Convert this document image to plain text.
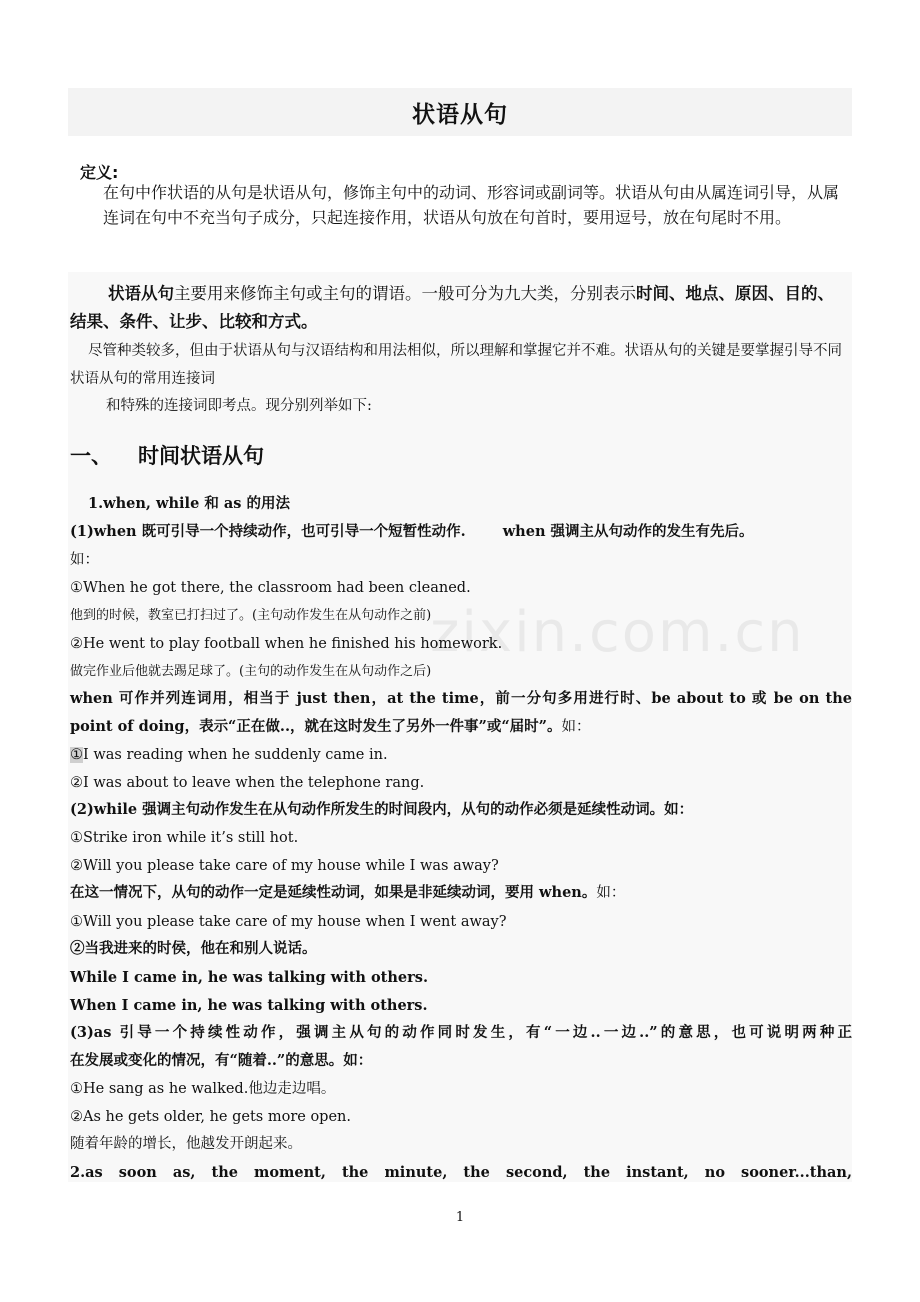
状语从句
定义:
在句中作状语的从句是状语从句，修饰主句中的动词、形容词或副词等。状语从句由从属连词引导，从属连词在句中不充当句子成分，只起连接作用，状语从句放在句首时，要用逗号，放在句尾时不用。
状语从句主要用来修饰主句或主句的谓语。一般可分为九大类，分别表示时间、地点、原因、目的、结果、条件、让步、比较和方式。
尽管种类较多，但由于状语从句与汉语结构和用法相似，所以理解和掌握它并不难。状语从句的关键是要掌握引导不同状语从句的常用连接词
和特殊的连接词即考点。现分别列举如下:
一、 时间状语从句
1.when, while 和 as 的用法
(1)when 既可引导一个持续动作，也可引导一个短暂性动作.	when 强调主从句动作的发生有先后。
如：
①When he got there, the classroom had been cleaned.
他到的时候，教室已打扫过了。(主句动作发生在从句动作之前)
②He went to play football when he finished his homework.
做完作业后他就去踢足球了。(主句的动作发生在从句动作之后)
when 可作并列连词用，相当于 just then，at the time，前一分句多用进行时、be about to 或 be on the
point of doing，表示“正在做..，就在这时发生了另外一件事”或“届时”。如：
①I was reading when he suddenly came in.
②I was about to leave when the telephone rang.
(2)while 强调主句动作发生在从句动作所发生的时间段内，从句的动作必须是延续性动词。如：
①Strike iron while it’s still hot.
②Will you please take care of my house while I was away?
在这一情况下，从句的动作一定是延续性动词，如果是非延续动词，要用 when。如：
①Will you please take care of my house when I went away?
②当我进来的时侯，他在和别人说话。
While I came in, he was talking with others.
When I came in, he was talking with others.
(3)as 引导一个持续性动作，强调主从句的动作同时发生，有“一边..一边..”的意思，也可说明两种正
在发展或变化的情况，有“随着..”的意思。如：
①He sang as he walked.他边走边唱。
②As he gets older, he gets more open.
随着年龄的增长，他越发开朗起来。
2.as soon as, the moment, the minute, the second, the instant, no sooner...than,
1
